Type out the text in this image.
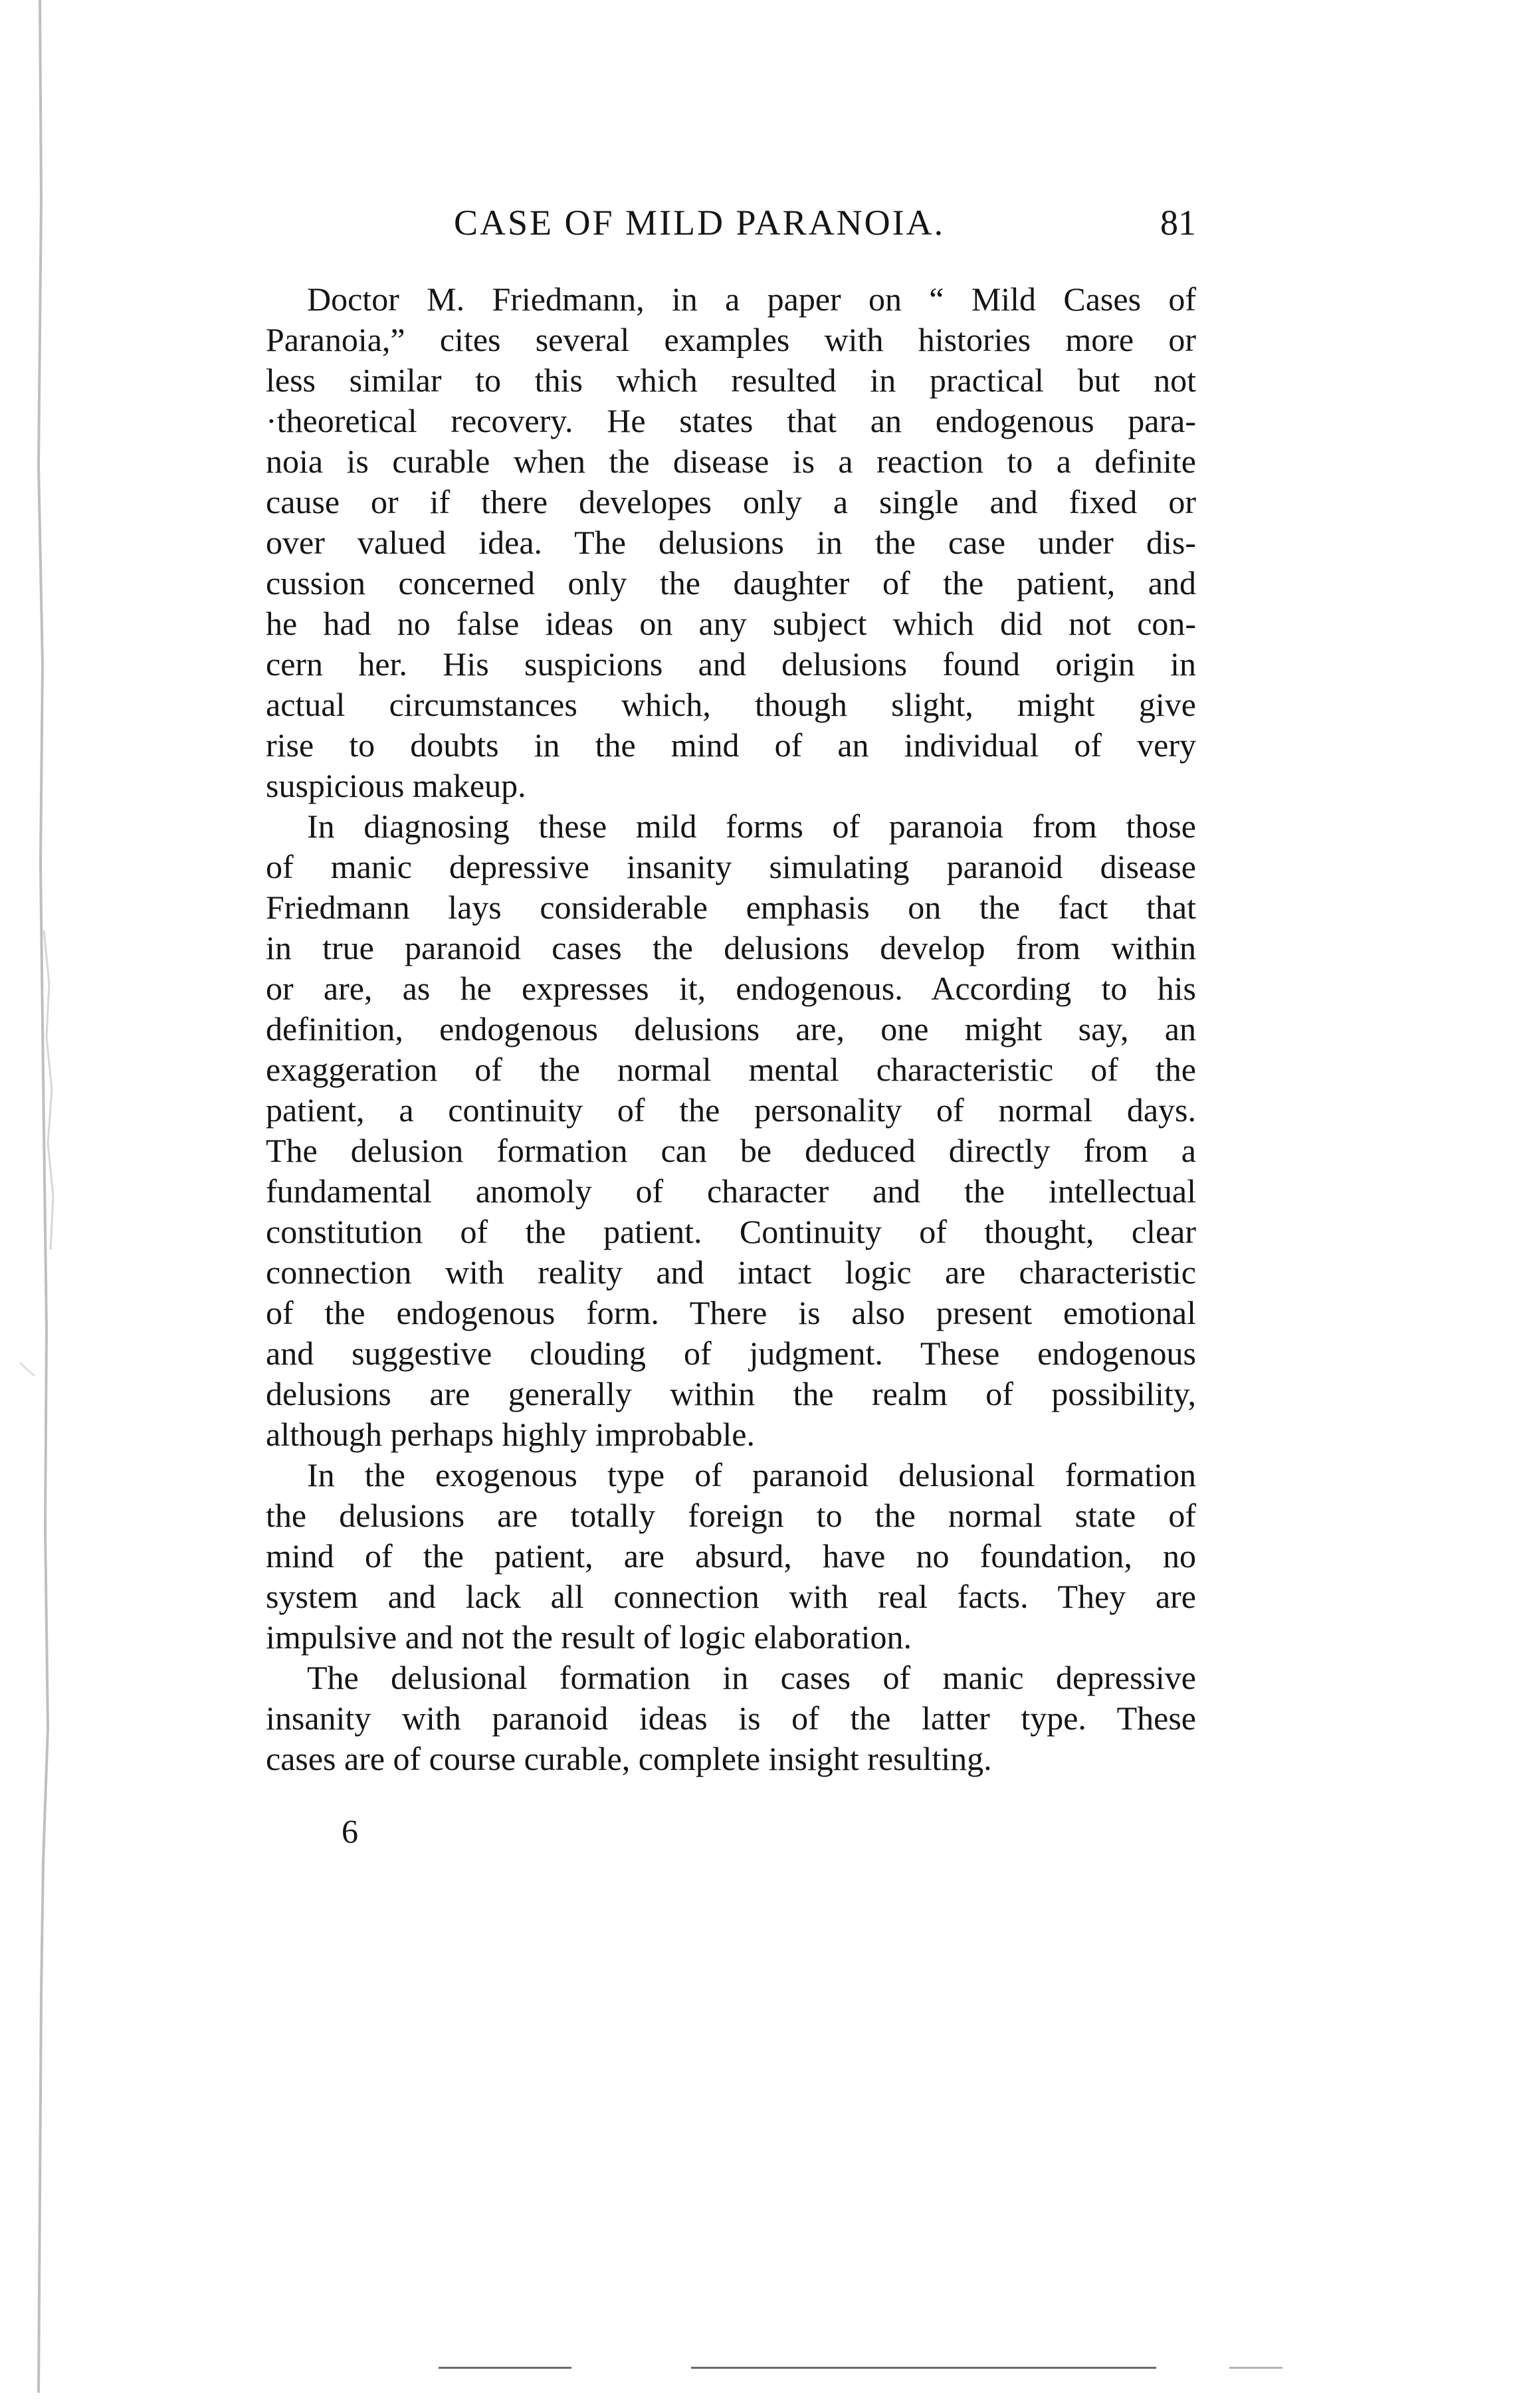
CASE OF MILD PARANOIA.	81
Doctor M. Friedmann, in a paper on “ Mild Cases of
Paranoia,” cites several examples with histories more or
less similar to this which resulted in practical but not
·theoretical recovery. He states that an endogenous para-
noia is curable when the disease is a reaction to a definite
cause or if there developes only a single and fixed or
over valued idea. The delusions in the case under dis-
cussion concerned only the daughter of the patient, and
he had no false ideas on any subject which did not con-
cern her. His suspicions and delusions found origin in
actual circumstances which, though slight, might give
rise to doubts in the mind of an individual of very
suspicious makeup.
In diagnosing these mild forms of paranoia from those
of manic depressive insanity simulating paranoid disease
Friedmann lays considerable emphasis on the fact that
in true paranoid cases the delusions develop from within
or are, as he expresses it, endogenous. According to his
definition, endogenous delusions are, one might say, an
exaggeration of the normal mental characteristic of the
patient, a continuity of the personality of normal days.
The delusion formation can be deduced directly from a
fundamental anomoly of character and the intellectual
constitution of the patient. Continuity of thought, clear
connection with reality and intact logic are characteristic
of the endogenous form. There is also present emotional
and suggestive clouding of judgment. These endogenous
delusions are generally within the realm of possibility,
although perhaps highly improbable.
In the exogenous type of paranoid delusional formation
the delusions are totally foreign to the normal state of
mind of the patient, are absurd, have no foundation, no
system and lack all connection with real facts. They are
impulsive and not the result of logic elaboration.
The delusional formation in cases of manic depressive
insanity with paranoid ideas is of the latter type. These
cases are of course curable, complete insight resulting.
6
